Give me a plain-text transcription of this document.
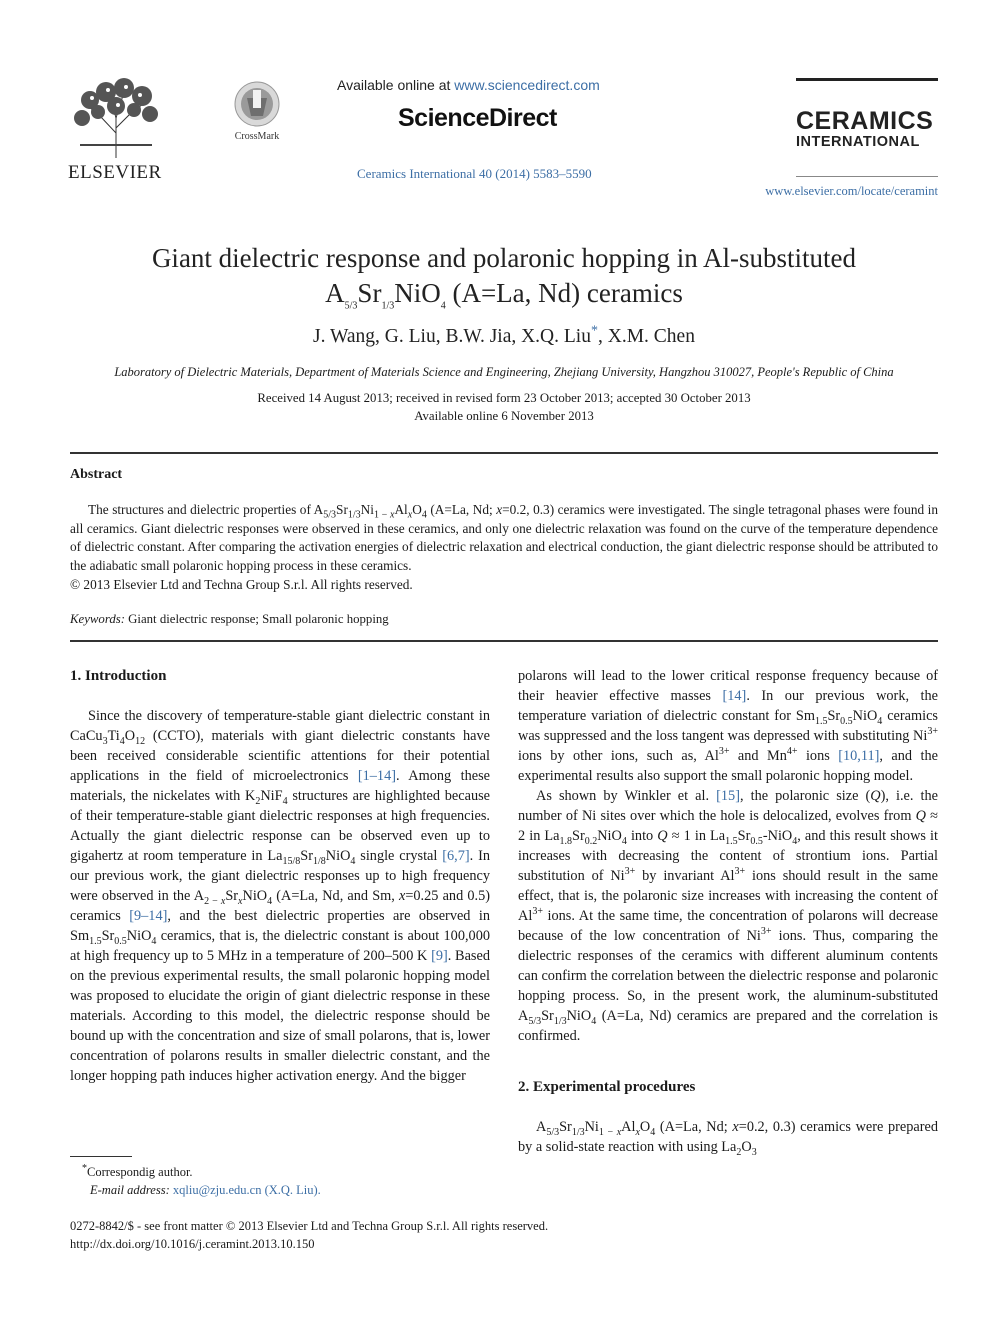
ELSEVIER
CrossMark
Available online at www.sciencedirect.com
ScienceDirect
Ceramics International 40 (2014) 5583–5590
CERAMICS
INTERNATIONAL
www.elsevier.com/locate/ceramint
Giant dielectric response and polaronic hopping in Al-substituted
$A_{5/3}Sr_{1/3}NiO_4$ (A=La, Nd) ceramics
J. Wang, G. Liu, B.W. Jia, X.Q. Liu*, X.M. Chen
Laboratory of Dielectric Materials, Department of Materials Science and Engineering, Zhejiang University, Hangzhou 310027, People's Republic of China
Received 14 August 2013; received in revised form 23 October 2013; accepted 30 October 2013
Available online 6 November 2013
Abstract
The structures and dielectric properties of $A_{5/3}Sr_{1/3}Ni_{1 - x}Al_xO_4$ (A=La, Nd; x=0.2, 0.3) ceramics were investigated. The single tetragonal phases were found in all ceramics. Giant dielectric responses were observed in these ceramics, and only one dielectric relaxation was found on the curve of the temperature dependence of dielectric constant. After comparing the activation energies of dielectric relaxation and electrical conduction, the giant dielectric response should be attributed to the adiabatic small polaronic hopping process in these ceramics.
© 2013 Elsevier Ltd and Techna Group S.r.l. All rights reserved.
Keywords: Giant dielectric response; Small polaronic hopping

1. Introduction

Since the discovery of temperature-stable giant dielectric constant in $CaCu_3Ti_4O_{12}$ (CCTO), materials with giant dielectric constants have been received considerable scientific attentions for their potential applications in the field of microelectronics [1–14]. Among these materials, the nickelates with $K_2NiF_4$ structures are highlighted because of their temperature-stable giant dielectric responses at high frequencies. Actually the giant dielectric response can be observed even up to gigahertz at room temperature in $La_{15/8}Sr_{1/8}NiO_4$ single crystal [6,7]. In our previous work, the giant dielectric responses up to high frequency were observed in the $A_{2 - x}Sr_xNiO_4$ (A=La, Nd, and Sm, x=0.25 and 0.5) ceramics [9–14], and the best dielectric properties are observed in $Sm_{1.5}Sr_{0.5}NiO_4$ ceramics, that is, the dielectric constant is about 100,000 at high frequency up to 5 MHz in a temperature of 200–500 K [9]. Based on the previous experimental results, the small polaronic hopping model was proposed to elucidate the origin of giant dielectric response in these materials. According to this model, the dielectric response should be bound up with the concentration and size of small polarons, that is, lower concentration of polarons results in smaller dielectric constant, and the longer hopping path induces higher activation energy. And the bigger

*Correspondig author.
E-mail address: xqliu@zju.edu.cn (X.Q. Liu).

polarons will lead to the lower critical response frequency because of their heavier effective masses [14]. In our previous work, the temperature variation of dielectric constant for $Sm_{1.5}Sr_{0.5}NiO_4$ ceramics was suppressed and the loss tangent was depressed with substituting $Ni^{3+}$ ions by other ions, such as, $Al^{3+}$ and $Mn^{4+}$ ions [10,11], and the experimental results also support the small polaronic hopping model.

As shown by Winkler et al. [15], the polaronic size (Q), i.e. the number of Ni sites over which the hole is delocalized, evolves from Q ≈ 2 in $La_{1.8}Sr_{0.2}NiO_4$ into Q ≈ 1 in $La_{1.5}Sr_{0.5}-NiO_4$, and this result shows it increases with decreasing the content of strontium ions. Partial substitution of $Ni^{3+}$ by invariant $Al^{3+}$ ions should result in the same effect, that is, the polaronic size increases with increasing the content of $Al^{3+}$ ions. At the same time, the concentration of polarons will decrease because of the low concentration of $Ni^{3+}$ ions. Thus, comparing the dielectric responses of the ceramics with different aluminum contents can confirm the correlation between the dielectric response and polaronic hopping process. So, in the present work, the aluminum-substituted $A_{5/3}Sr_{1/3}NiO_4$ (A=La, Nd) ceramics are prepared and the correlation is confirmed.

2. Experimental procedures

$A_{5/3}Sr_{1/3}Ni_{1 - x}Al_xO_4$ (A=La, Nd; x=0.2, 0.3) ceramics were prepared by a solid-state reaction with using $La_2O_3$

0272-8842/$ - see front matter © 2013 Elsevier Ltd and Techna Group S.r.l. All rights reserved.
http://dx.doi.org/10.1016/j.ceramint.2013.10.150
